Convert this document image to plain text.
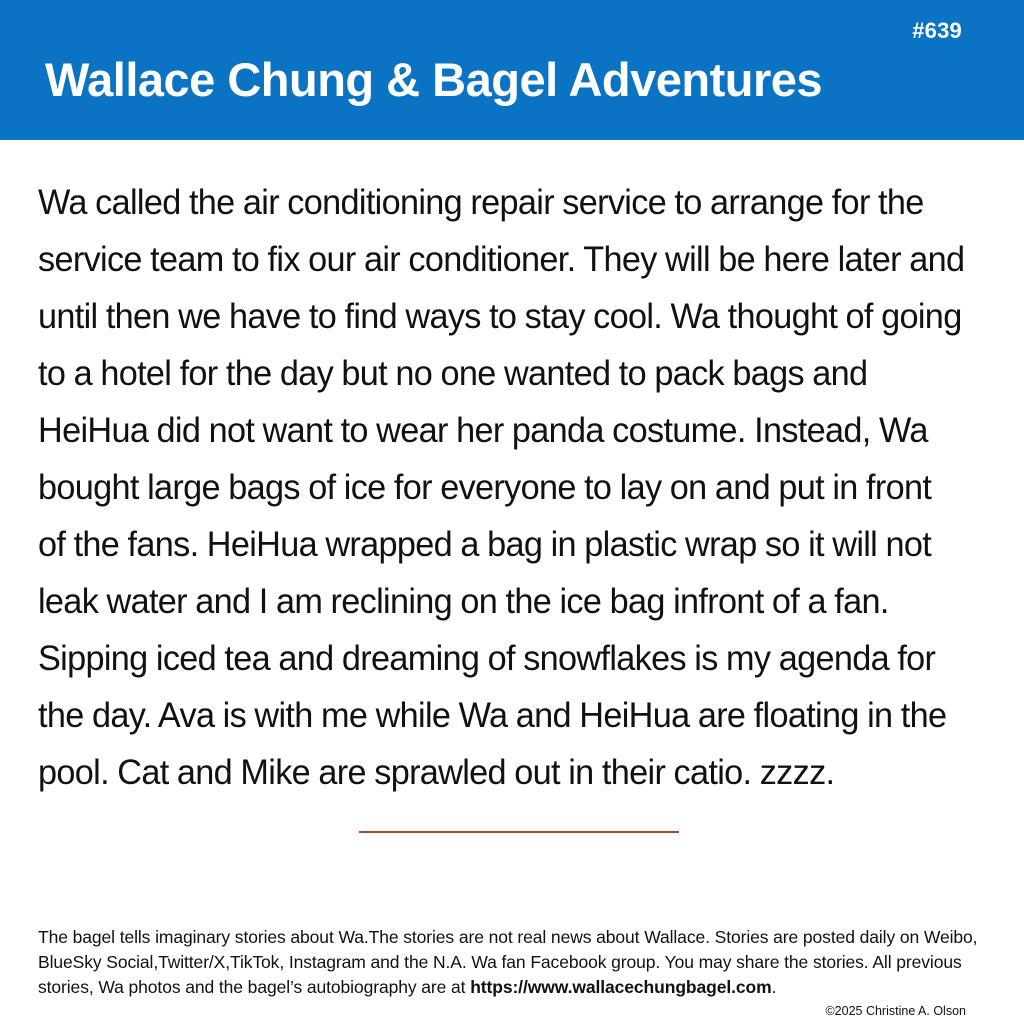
#639
Wallace Chung & Bagel Adventures
Wa called the air conditioning repair service to arrange for the service team to fix our air conditioner. They will be here later and until then we have to find ways to stay cool. Wa thought of going to a hotel for the day but no one wanted to pack bags and HeiHua did not want to wear her panda costume. Instead, Wa bought large bags of ice for everyone to lay on and put in front of the fans. HeiHua wrapped a bag in plastic wrap so it will not leak water and I am reclining on the ice bag infront of a fan. Sipping iced tea and dreaming of snowflakes is my agenda for the day. Ava is with me while Wa and HeiHua are floating in the pool. Cat and Mike are sprawled out in their catio. zzzz.
The bagel tells imaginary stories about Wa.The stories are not real news about Wallace. Stories are posted daily on Weibo, BlueSky Social,Twitter/X,TikTok, Instagram and the N.A. Wa fan Facebook group. You may share the stories. All previous stories, Wa photos and the bagel’s autobiography are at https://www.wallacechungbagel.com.
©2025 Christine A. Olson
